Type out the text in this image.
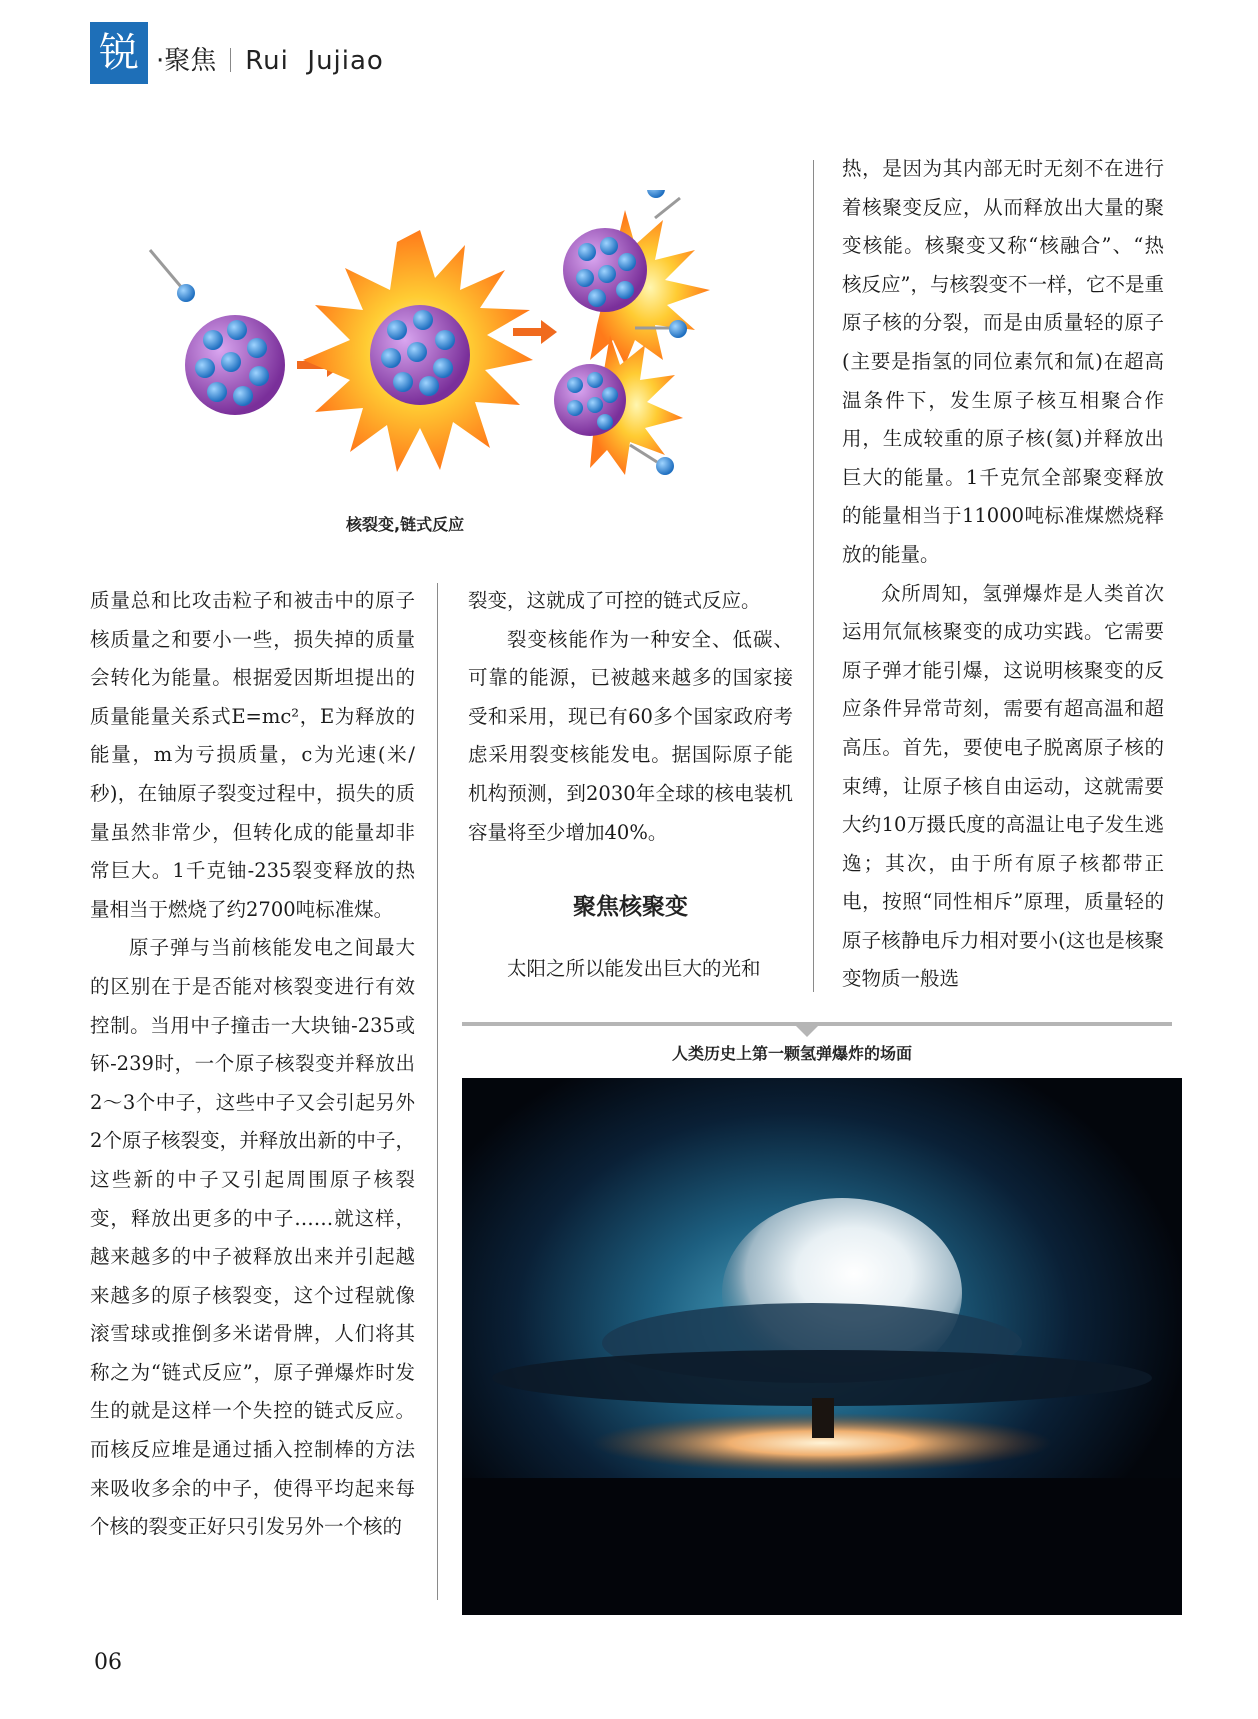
锐 ·聚焦 Rui  Jujiao
核裂变,链式反应

质量总和比攻击粒子和被击中的原子核质量之和要小一些，损失掉的质量会转化为能量。根据爱因斯坦提出的质量能量关系式E=mc²，E为释放的能量，m为亏损质量，c为光速(米/秒)，在铀原子裂变过程中，损失的质量虽然非常少，但转化成的能量却非常巨大。1千克铀-235裂变释放的热量相当于燃烧了约2700吨标准煤。

原子弹与当前核能发电之间最大的区别在于是否能对核裂变进行有效控制。当用中子撞击一大块铀-235或钚-239时，一个原子核裂变并释放出2～3个中子，这些中子又会引起另外2个原子核裂变，并释放出新的中子，这些新的中子又引起周围原子核裂变，释放出更多的中子……就这样，越来越多的中子被释放出来并引起越来越多的原子核裂变，这个过程就像滚雪球或推倒多米诺骨牌，人们将其称之为“链式反应”，原子弹爆炸时发生的就是这样一个失控的链式反应。而核反应堆是通过插入控制棒的方法来吸收多余的中子，使得平均起来每个核的裂变正好只引发另外一个核的

裂变，这就成了可控的链式反应。

裂变核能作为一种安全、低碳、可靠的能源，已被越来越多的国家接受和采用，现已有60多个国家政府考虑采用裂变核能发电。据国际原子能机构预测，到2030年全球的核电装机容量将至少增加40%。

聚焦核聚变

太阳之所以能发出巨大的光和

热，是因为其内部无时无刻不在进行着核聚变反应，从而释放出大量的聚变核能。核聚变又称“核融合”、“热核反应”，与核裂变不一样，它不是重原子核的分裂，而是由质量轻的原子(主要是指氢的同位素氘和氚)在超高温条件下，发生原子核互相聚合作用，生成较重的原子核(氦)并释放出巨大的能量。1千克氘全部聚变释放的能量相当于11000吨标准煤燃烧释放的能量。

众所周知，氢弹爆炸是人类首次运用氘氚核聚变的成功实践。它需要原子弹才能引爆，这说明核聚变的反应条件异常苛刻，需要有超高温和超高压。首先，要使电子脱离原子核的束缚，让原子核自由运动，这就需要大约10万摄氏度的高温让电子发生逃逸；其次，由于所有原子核都带正电，按照“同性相斥”原理，质量轻的原子核静电斥力相对要小(这也是核聚变物质一般选

人类历史上第一颗氢弹爆炸的场面
06
